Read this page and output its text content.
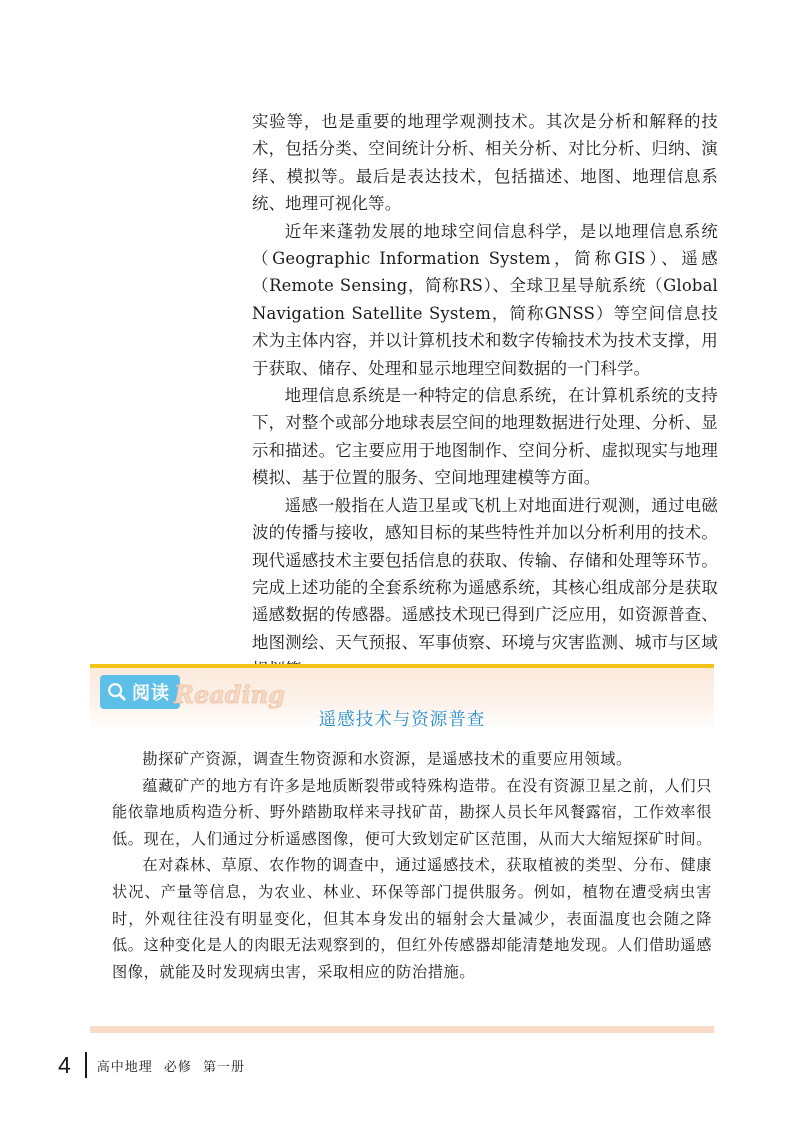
实验等，也是重要的地理学观测技术。其次是分析和解释的技术，包括分类、空间统计分析、相关分析、对比分析、归纳、演绎、模拟等。最后是表达技术，包括描述、地图、地理信息系统、地理可视化等。

近年来蓬勃发展的地球空间信息科学，是以地理信息系统（Geographic Information System，简称GIS）、遥感（Remote Sensing，简称RS）、全球卫星导航系统（Global Navigation Satellite System，简称GNSS）等空间信息技术为主体内容，并以计算机技术和数字传输技术为技术支撑，用于获取、储存、处理和显示地理空间数据的一门科学。

地理信息系统是一种特定的信息系统，在计算机系统的支持下，对整个或部分地球表层空间的地理数据进行处理、分析、显示和描述。它主要应用于地图制作、空间分析、虚拟现实与地理模拟、基于位置的服务、空间地理建模等方面。

遥感一般指在人造卫星或飞机上对地面进行观测，通过电磁波的传播与接收，感知目标的某些特性并加以分析利用的技术。现代遥感技术主要包括信息的获取、传输、存储和处理等环节。完成上述功能的全套系统称为遥感系统，其核心组成部分是获取遥感数据的传感器。遥感技术现已得到广泛应用，如资源普查、地图测绘、天气预报、军事侦察、环境与灾害监测、城市与区域

阅读 Reading
遥感技术与资源普查

勘探矿产资源，调查生物资源和水资源，是遥感技术的重要应用领域。

蕴藏矿产的地方有许多是地质断裂带或特殊构造带。在没有资源卫星之前，人们只能依靠地质构造分析、野外踏勘取样来寻找矿苗，勘探人员长年风餐露宿，工作效率很低。现在，人们通过分析遥感图像，便可大致划定矿区范围，从而大大缩短探矿时间。

在对森林、草原、农作物的调查中，通过遥感技术，获取植被的类型、分布、健康状况、产量等信息，为农业、林业、环保等部门提供服务。例如，植物在遭受病虫害时，外观往往没有明显变化，但其本身发出的辐射会大量减少，表面温度也会随之降低。这种变化是人的肉眼无法观察到的，但红外传感器却能清楚地发现。人们借助遥感图像，就能及时发现病虫害，采取相应的防治措施。

4 高中地理 必修 第一册
